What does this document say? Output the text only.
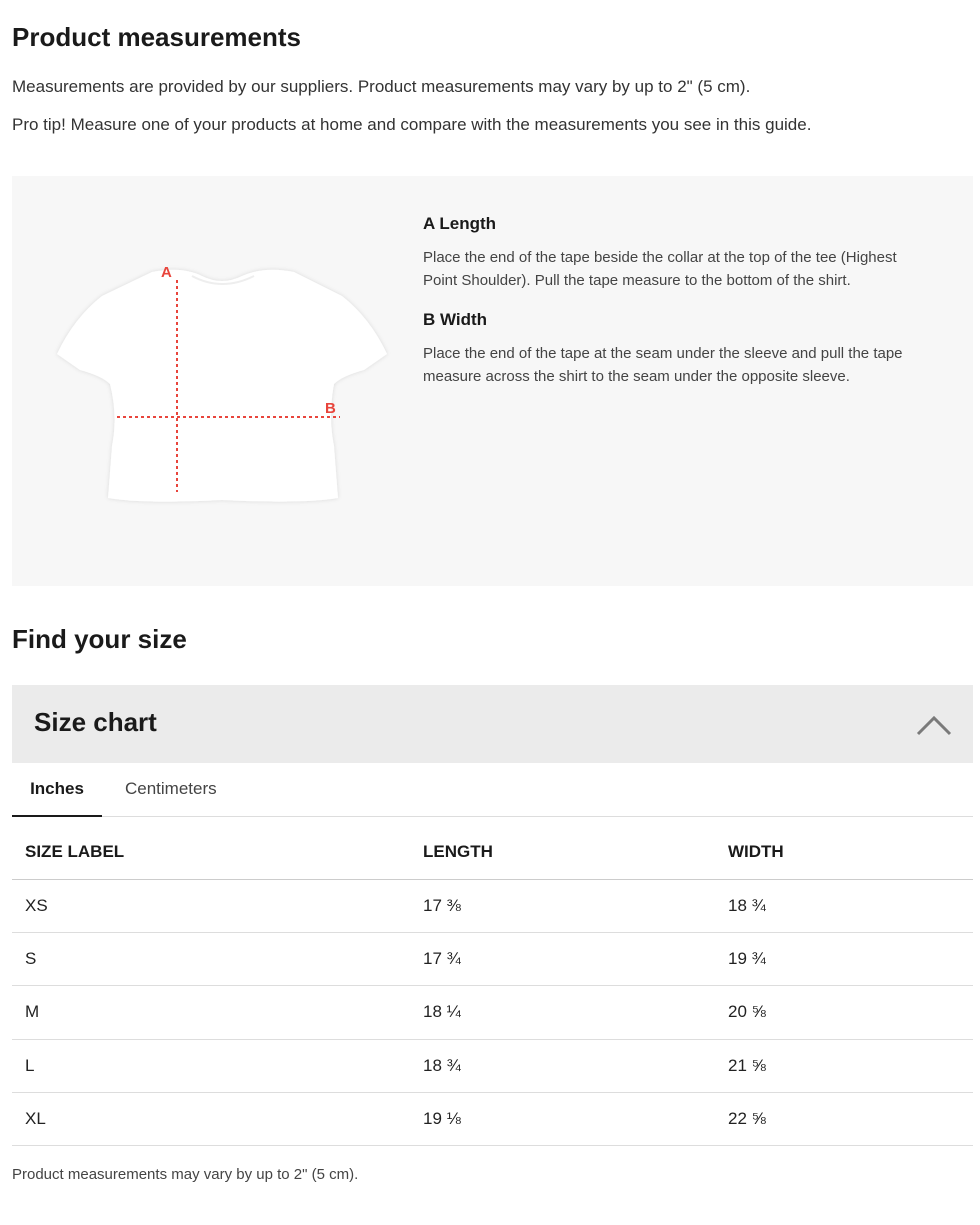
Product measurements

Measurements are provided by our suppliers. Product measurements may vary by up to 2" (5 cm).

Pro tip! Measure one of your products at home and compare with the measurements you see in this guide.

A
B
A Length

Place the end of the tape beside the collar at the top of the tee (Highest Point Shoulder). Pull the tape measure to the bottom of the shirt.

B Width

Place the end of the tape at the seam under the sleeve and pull the tape measure across the shirt to the seam under the opposite sleeve.

Find your size
Size chart
Inches	Centimeters
SIZE LABEL	LENGTH	WIDTH
XS	17 ⅜	18 ¾
S	17 ¾	19 ¾
M	18 ¼	20 ⅝
L	18 ¾	21 ⅝
XL	19 ⅛	22 ⅝

Product measurements may vary by up to 2" (5 cm).
